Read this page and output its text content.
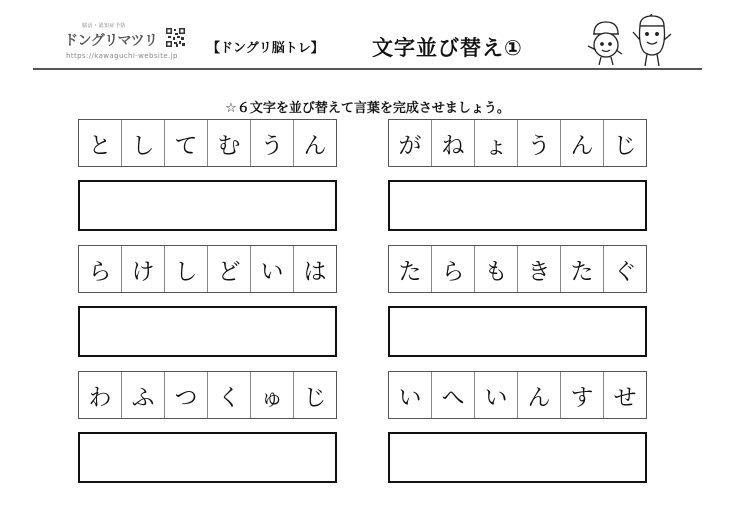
脳活・認知症予防
ドングリマツリ
https://kawaguchi-website.jp 【ドングリ脳トレ】 文字並び替え①
☆６文字を並び替えて言葉を完成させましょう。
と し て む う ん	が ね ょ う ん じ
ら け し ど い は	た ら も き た ぐ
わ ふ つ く ゅ じ	い へ い ん す せ
